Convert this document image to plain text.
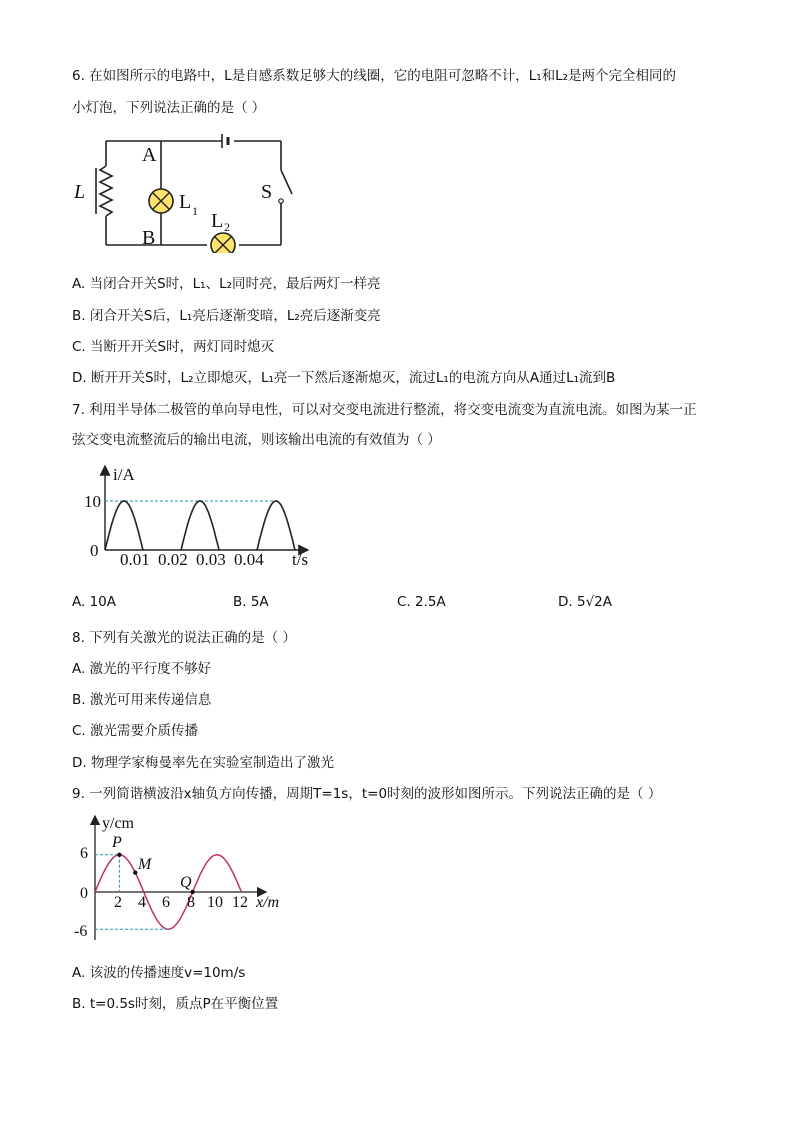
6. 在如图所示的电路中，L是自感系数足够大的线圈，它的电阻可忽略不计，L₁和L₂是两个完全相同的
小灯泡，下列说法正确的是（ ）
A
B
L	S
L 1 L 2
A. 当闭合开关S时，L₁、L₂同时亮，最后两灯一样亮
B. 闭合开关S后，L₁亮后逐渐变暗，L₂亮后逐渐变亮
C. 当断开开关S时，两灯同时熄灭
D. 断开开关S时，L₂立即熄灭，L₁亮一下然后逐渐熄灭，流过L₁的电流方向从A通过L₁流到B
7. 利用半导体二极管的单向导电性，可以对交变电流进行整流，将交变电流变为直流电流。如图为某一正
弦交变电流整流后的输出电流，则该输出电流的有效值为（ ）
i/A
10
0 0.01 0.02 0.03 0.04 t/s
A. 10A	B. 5A	C. 2.5A	D. 5√2A
8. 下列有关激光的说法正确的是（ ）
A. 激光的平行度不够好
B. 激光可用来传递信息
C. 激光需要介质传播
D. 物理学家梅曼率先在实验室制造出了激光
9. 一列简谐横波沿x轴负方向传播，周期T=1s，t=0时刻的波形如图所示。下列说法正确的是（ ）
y/cm
6
0
-6
2 4 6 8 10 12 x/m
P
M
Q
A. 该波的传播速度v=10m/s
B. t=0.5s时刻，质点P在平衡位置
